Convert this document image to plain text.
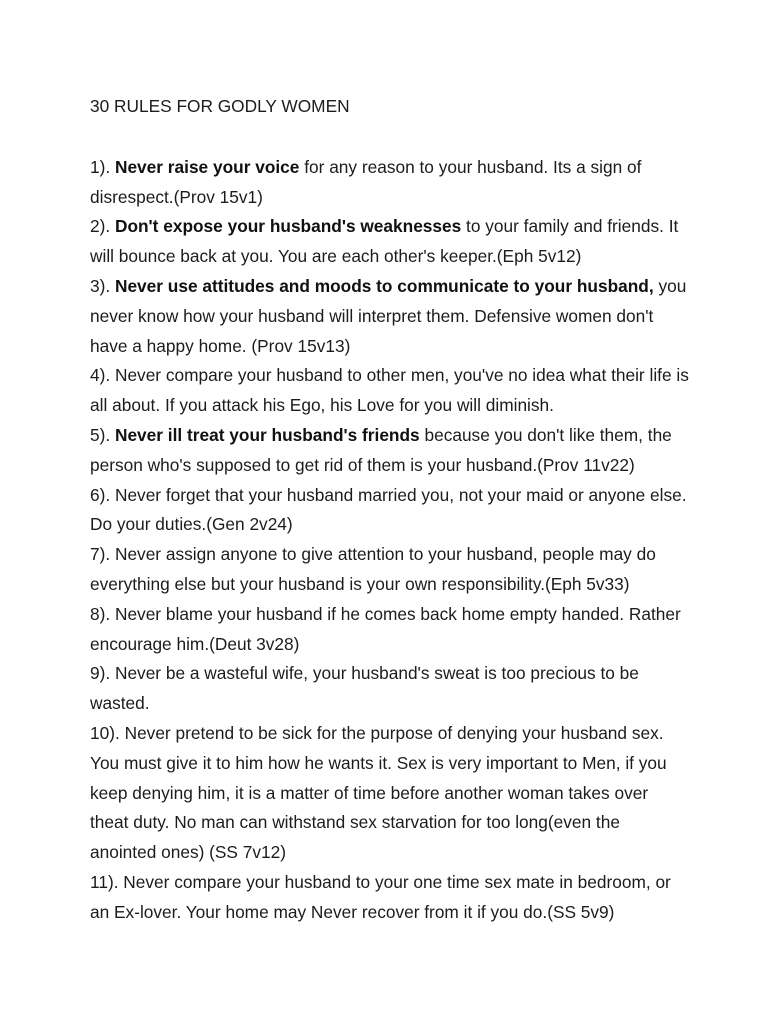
30 RULES FOR GODLY WOMEN

1). Never raise your voice for any reason to your husband. Its a sign of disrespect.(Prov 15v1)

2). Don't expose your husband's weaknesses to your family and friends. It will bounce back at you. You are each other's keeper.(Eph 5v12)

3). Never use attitudes and moods to communicate to your husband, you never know how your husband will interpret them. Defensive women don't have a happy home. (Prov 15v13)

4). Never compare your husband to other men, you've no idea what their life is all about. If you attack his Ego, his Love for you will diminish.

5). Never ill treat your husband's friends because you don't like them, the person who's supposed to get rid of them is your husband.(Prov 11v22)

6). Never forget that your husband married you, not your maid or anyone else. Do your duties.(Gen 2v24)

7). Never assign anyone to give attention to your husband, people may do everything else but your husband is your own responsibility.(Eph 5v33)

8). Never blame your husband if he comes back home empty handed. Rather encourage him.(Deut 3v28)

9). Never be a wasteful wife, your husband's sweat is too precious to be wasted.

10). Never pretend to be sick for the purpose of denying your husband sex. You must give it to him how he wants it. Sex is very important to Men, if you keep denying him, it is a matter of time before another woman takes over theat duty. No man can withstand sex starvation for too long(even the anointed ones) (SS 7v12)

11). Never compare your husband to your one time sex mate in bedroom, or an Ex-lover. Your home may Never recover from it if you do.(SS 5v9)
